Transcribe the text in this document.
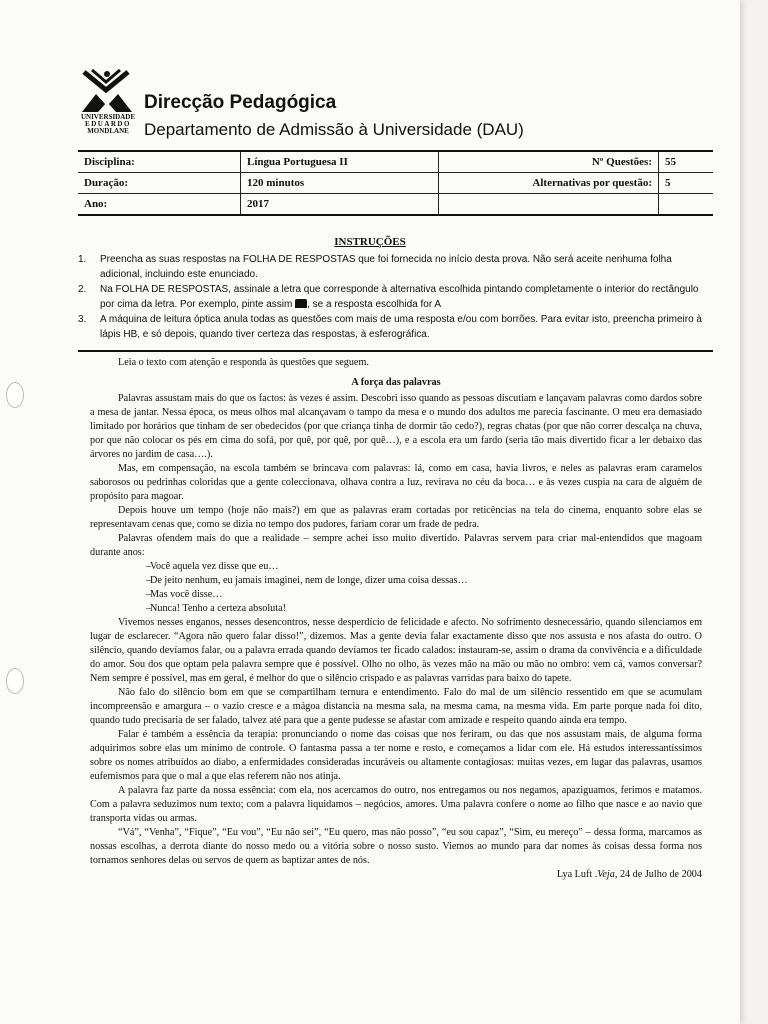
UNIVERSIDADE
EDUARDO
MONDLANE
Direcção Pedagógica
Departamento de Admissão à Universidade (DAU)
Disciplina:	Língua Portuguesa II	Nº Questões:	55
Duração:	120 minutos	Alternativas por questão:	5
Ano:	2017		
INSTRUÇÕES
1. Preencha as suas respostas na FOLHA DE RESPOSTAS que foi fornecida no início desta prova. Não será aceite nenhuma folha adicional, incluindo este enunciado.
2. Na FOLHA DE RESPOSTAS, assinale a letra que corresponde à alternativa escolhida pintando completamente o interior do rectângulo por cima da letra. Por exemplo, pinte assim , se a resposta escolhida for A
3. A máquina de leitura óptica anula todas as questões com mais de uma resposta e/ou com borrões. Para evitar isto, preencha primeiro à lápis HB, e só depois, quando tiver certeza das respostas, à esferográfica.

Leia o texto com atenção e responda às questões que seguem.

A força das palavras

Palavras assustam mais do que os factos: às vezes é assim. Descobri isso quando as pessoas discutiam e lançavam palavras como dardos sobre a mesa de jantar. Nessa época, os meus olhos mal alcançavam o tampo da mesa e o mundo dos adultos me parecia fascinante. O meu era demasiado limitado por horários que tinham de ser obedecidos (por que criança tinha de dormir tão cedo?), regras chatas (por que não correr descalça na chuva, por que não colocar os pés em cima do sofá, por quê, por quê, por quê…), e a escola era um fardo (seria tão mais divertido ficar a ler debaixo das árvores no jardim de casa….).

Mas, em compensação, na escola também se brincava com palavras: lá, como em casa, havia livros, e neles as palavras eram caramelos saborosos ou pedrinhas coloridas que a gente coleccionava, olhava contra a luz, revirava no céu da boca… e às vezes cuspia na cara de alguém de propósito para magoar.

Depois houve um tempo (hoje não mais?) em que as palavras eram cortadas por reticências na tela do cinema, enquanto sobre elas se representavam cenas que, como se dizia no tempo dos pudores, fariam corar um frade de pedra.

Palavras ofendem mais do que a realidade – sempre achei isso muito divertido. Palavras servem para criar mal-entendidos que magoam durante anos:

–Você aquela vez disse que eu…

–De jeito nenhum, eu jamais imaginei, nem de longe, dizer uma coisa dessas…

–Mas você disse…

–Nunca! Tenho a certeza absoluta!

Vivemos nesses enganos, nesses desencontros, nesse desperdício de felicidade e afecto. No sofrimento desnecessário, quando silenciamos em lugar de esclarecer. “Agora não quero falar disso!”, dizemos. Mas a gente devia falar exactamente disso que nos assusta e nos afasta do outro. O silêncio, quando devíamos falar, ou a palavra errada quando devíamos ter ficado calados: instauram-se, assim o drama da convivência e a dificuldade do amor. Sou dos que optam pela palavra sempre que é possível. Olho no olho, às vezes mão na mão ou mão no ombro: vem cá, vamos conversar? Nem sempre é possível, mas em geral, é melhor do que o silêncio crispado e as palavras varridas para baixo do tapete.

Não falo do silêncio bom em que se compartilham ternura e entendimento. Falo do mal de um silêncio ressentido em que se acumulam incompreensão e amargura – o vazio cresce e a mágoa distancia na mesma sala, na mesma cama, na mesma vida. Em parte porque nada foi dito, quando tudo precisaria de ser falado, talvez até para que a gente pudesse se afastar com amizade e respeito quando ainda era tempo.

Falar é também a essência da terapia: pronunciando o nome das coisas que nos feriram, ou das que nos assustam mais, de alguma forma adquirimos sobre elas um mínimo de controle. O fantasma passa a ter nome e rosto, e começamos a lidar com ele. Há estudos interessantíssimos sobre os nomes atribuídos ao diabo, a enfermidades consideradas incuráveis ou altamente contagiosas: muitas vezes, em lugar das palavras, usamos eufemismos para que o mal a que elas referem não nos atinja.

A palavra faz parte da nossa essência: com ela, nos acercamos do outro, nos entregamos ou nos negamos, apaziguamos, ferimos e matamos. Com a palavra seduzimos num texto; com a palavra liquidamos – negócios, amores. Uma palavra confere o nome ao filho que nasce e ao navio que transporta vidas ou armas.

“Vá”, “Venha”, “Fique”, “Eu vou”, “Eu não sei”, “Eu quero, mas não posso”, “eu sou capaz”, “Sim, eu mereço” – dessa forma, marcamos as nossas escolhas, a derrota diante do nosso medo ou a vitória sobre o nosso susto. Viemos ao mundo para dar nomes às coisas dessa forma nos tornamos senhores delas ou servos de quem as baptizar antes de nós.

Lya Luft .Veja, 24 de Julho de 2004
